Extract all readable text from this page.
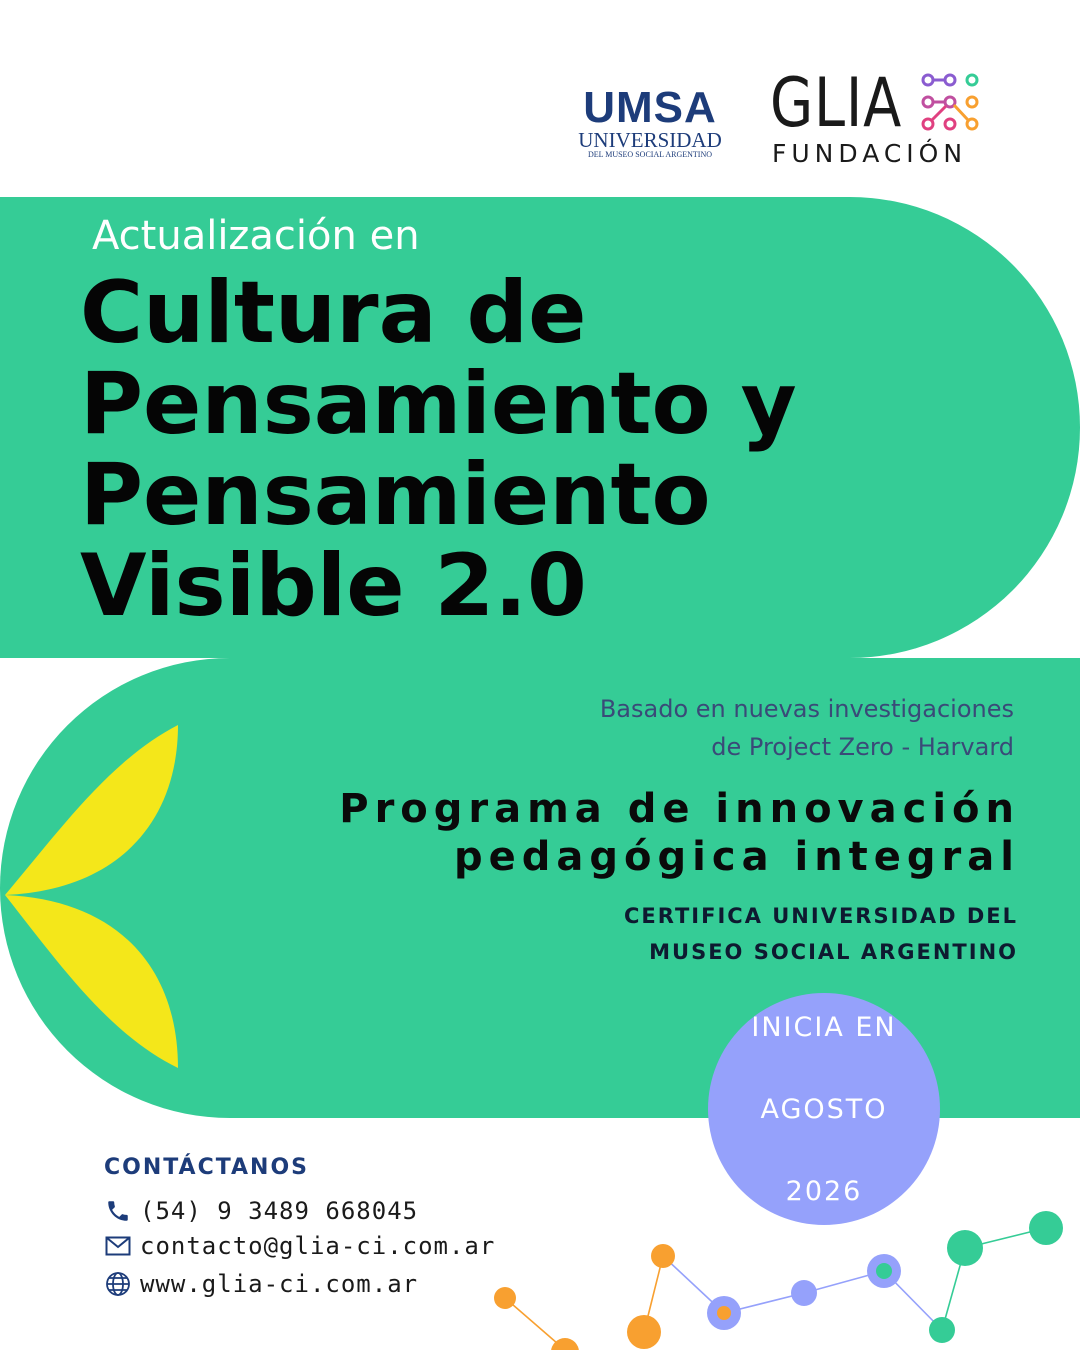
UMSA
UNIVERSIDAD
DEL MUSEO SOCIAL ARGENTINO
GLIA
FUNDACIÓN
Actualización en
Cultura de
Pensamiento y
Pensamiento
Visible 2.0
Basado en nuevas investigaciones
de Project Zero - Harvard
Programa de innovación
pedagógica integral
CERTIFICA UNIVERSIDAD DEL
MUSEO SOCIAL ARGENTINO

INICIA EN

AGOSTO

2026

CONTÁCTANOS
(54) 9 3489 668045
contacto@glia-ci.com.ar
www.glia-ci.com.ar
